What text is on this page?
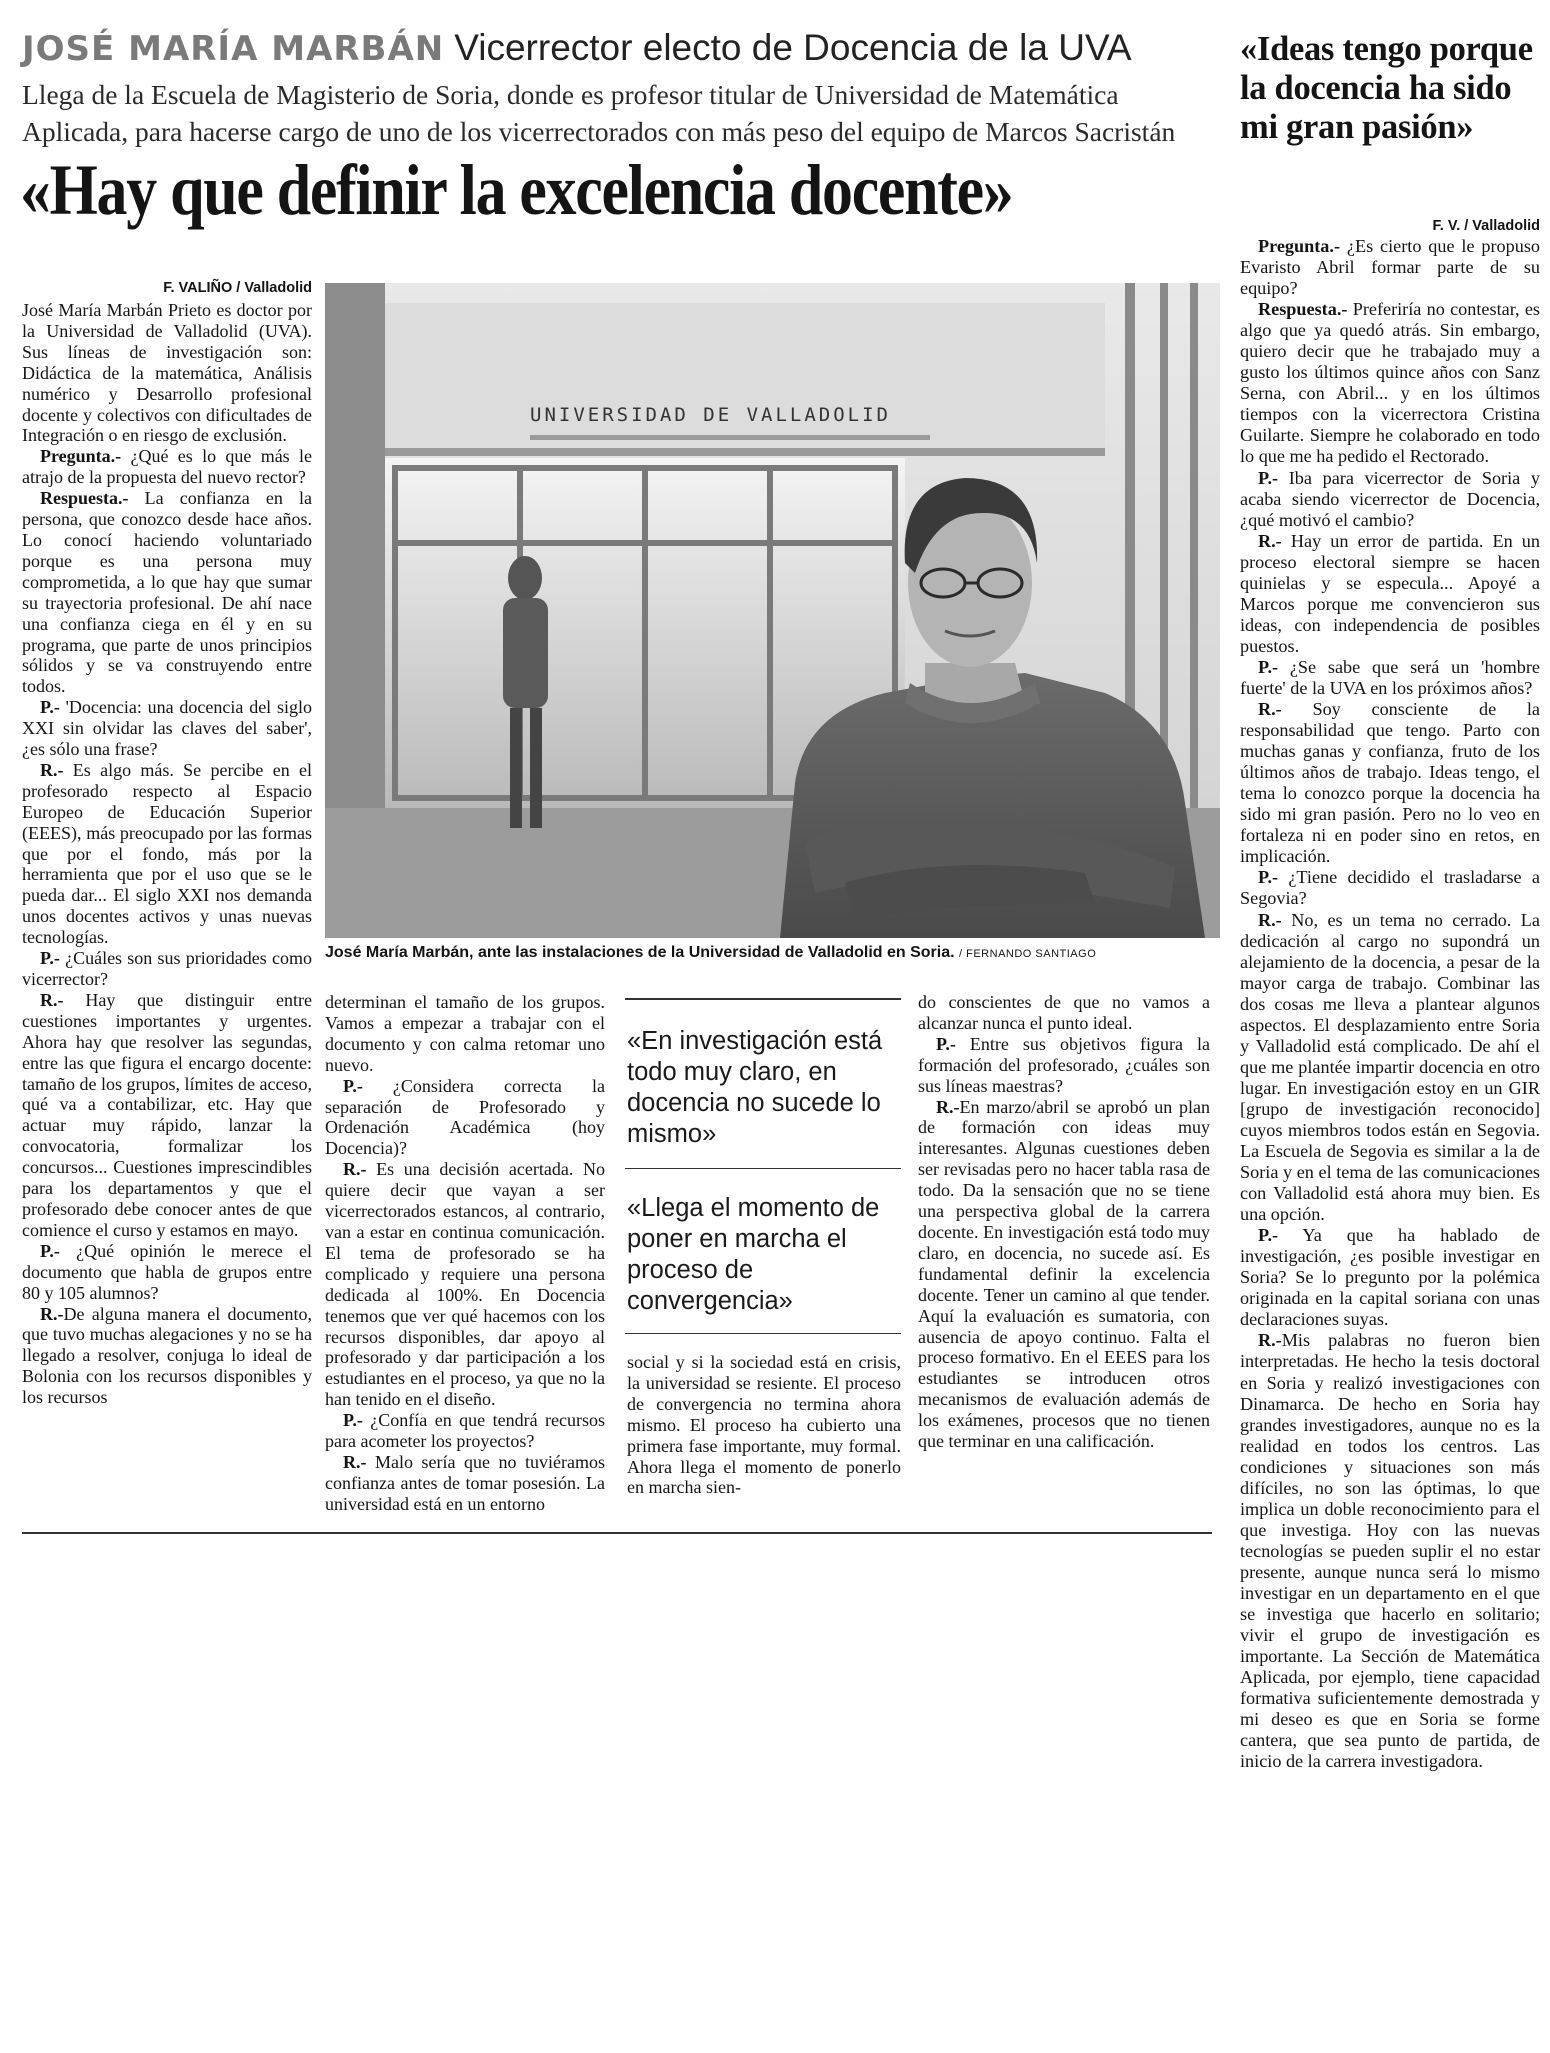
JOSÉ MARÍA MARBÁN Vicerrector electo de Docencia de la UVA
Llega de la Escuela de Magisterio de Soria, donde es profesor titular de Universidad de Matemática Aplicada, para hacerse cargo de uno de los vicerrectorados con más peso del equipo de Marcos Sacristán
«Hay que definir la excelencia docente»
F. VALIÑO / Valladolid

José María Marbán Prieto es doctor por la Universidad de Valladolid (UVA). Sus líneas de investigación son: Didáctica de la matemática, Análisis numérico y Desarrollo profesional docente y colectivos con dificultades de Integración o en riesgo de exclusión.

Pregunta.- ¿Qué es lo que más le atrajo de la propuesta del nuevo rector?

Respuesta.- La confianza en la persona, que conozco desde hace años. Lo conocí haciendo voluntariado porque es una persona muy comprometida, a lo que hay que sumar su trayectoria profesional. De ahí nace una confianza ciega en él y en su programa, que parte de unos principios sólidos y se va construyendo entre todos.

P.- 'Docencia: una docencia del siglo XXI sin olvidar las claves del saber', ¿es sólo una frase?

R.- Es algo más. Se percibe en el profesorado respecto al Espacio Europeo de Educación Superior (EEES), más preocupado por las formas que por el fondo, más por la herramienta que por el uso que se le pueda dar... El siglo XXI nos demanda unos docentes activos y unas nuevas tecnologías.

P.- ¿Cuáles son sus prioridades como vicerrector?

R.- Hay que distinguir entre cuestiones importantes y urgentes. Ahora hay que resolver las segundas, entre las que figura el encargo docente: tamaño de los grupos, límites de acceso, qué va a contabilizar, etc. Hay que actuar muy rápido, lanzar la convocatoria, formalizar los concursos... Cuestiones imprescindibles para los departamentos y que el profesorado debe conocer antes de que comience el curso y estamos en mayo.

P.- ¿Qué opinión le merece el documento que habla de grupos entre 80 y 105 alumnos?

R.-De alguna manera el documento, que tuvo muchas alegaciones y no se ha llegado a resolver, conjuga lo ideal de Bolonia con los recursos disponibles y los recursos

UNIVERSIDAD DE VALLADOLID
José María Marbán, ante las instalaciones de la Universidad de Valladolid en Soria. / FERNANDO SANTIAGO

determinan el tamaño de los grupos. Vamos a empezar a trabajar con el documento y con calma retomar uno nuevo.

P.- ¿Considera correcta la separación de Profesorado y Ordenación Académica (hoy Docencia)?

R.- Es una decisión acertada. No quiere decir que vayan a ser vicerrectorados estancos, al contrario, van a estar en continua comunicación. El tema de profesorado se ha complicado y requiere una persona dedicada al 100%. En Docencia tenemos que ver qué hacemos con los recursos disponibles, dar apoyo al profesorado y dar participación a los estudiantes en el proceso, ya que no la han tenido en el diseño.

P.- ¿Confía en que tendrá recursos para acometer los proyectos?

R.- Malo sería que no tuviéramos confianza antes de tomar posesión. La universidad está en un entorno

«En investigación está todo muy claro, en docencia no sucede lo mismo»
«Llega el momento de poner en marcha el proceso de convergencia»

social y si la sociedad está en crisis, la universidad se resiente. El proceso de convergencia no termina ahora mismo. El proceso ha cubierto una primera fase importante, muy formal. Ahora llega el momento de ponerlo en marcha sien-

do conscientes de que no vamos a alcanzar nunca el punto ideal.

P.- Entre sus objetivos figura la formación del profesorado, ¿cuáles son sus líneas maestras?

R.-En marzo/abril se aprobó un plan de formación con ideas muy interesantes. Algunas cuestiones deben ser revisadas pero no hacer tabla rasa de todo. Da la sensación que no se tiene una perspectiva global de la carrera docente. En investigación está todo muy claro, en docencia, no sucede así. Es fundamental definir la excelencia docente. Tener un camino al que tender. Aquí la evaluación es sumatoria, con ausencia de apoyo continuo. Falta el proceso formativo. En el EEES para los estudiantes se introducen otros mecanismos de evaluación además de los exámenes, procesos que no tienen que terminar en una calificación.

«Ideas tengo porque la docencia ha sido mi gran pasión»
F. V. / Valladolid

Pregunta.- ¿Es cierto que le propuso Evaristo Abril formar parte de su equipo?

Respuesta.- Preferiría no contestar, es algo que ya quedó atrás. Sin embargo, quiero decir que he trabajado muy a gusto los últimos quince años con Sanz Serna, con Abril... y en los últimos tiempos con la vicerrectora Cristina Guilarte. Siempre he colaborado en todo lo que me ha pedido el Rectorado.

P.- Iba para vicerrector de Soria y acaba siendo vicerrector de Docencia, ¿qué motivó el cambio?

R.- Hay un error de partida. En un proceso electoral siempre se hacen quinielas y se especula... Apoyé a Marcos porque me convencieron sus ideas, con independencia de posibles puestos.

P.- ¿Se sabe que será un 'hombre fuerte' de la UVA en los próximos años?

R.- Soy consciente de la responsabilidad que tengo. Parto con muchas ganas y confianza, fruto de los últimos años de trabajo. Ideas tengo, el tema lo conozco porque la docencia ha sido mi gran pasión. Pero no lo veo en fortaleza ni en poder sino en retos, en implicación.

P.- ¿Tiene decidido el trasladarse a Segovia?

R.- No, es un tema no cerrado. La dedicación al cargo no supondrá un alejamiento de la docencia, a pesar de la mayor carga de trabajo. Combinar las dos cosas me lleva a plantear algunos aspectos. El desplazamiento entre Soria y Valladolid está complicado. De ahí el que me plantée impartir docencia en otro lugar. En investigación estoy en un GIR [grupo de investigación reconocido] cuyos miembros todos están en Segovia. La Escuela de Segovia es similar a la de Soria y en el tema de las comunicaciones con Valladolid está ahora muy bien. Es una opción.

P.- Ya que ha hablado de investigación, ¿es posible investigar en Soria? Se lo pregunto por la polémica originada en la capital soriana con unas declaraciones suyas.

R.-Mis palabras no fueron bien interpretadas. He hecho la tesis doctoral en Soria y realizó investigaciones con Dinamarca. De hecho en Soria hay grandes investigadores, aunque no es la realidad en todos los centros. Las condiciones y situaciones son más difíciles, no son las óptimas, lo que implica un doble reconocimiento para el que investiga. Hoy con las nuevas tecnologías se pueden suplir el no estar presente, aunque nunca será lo mismo investigar en un departamento en el que se investiga que hacerlo en solitario; vivir el grupo de investigación es importante. La Sección de Matemática Aplicada, por ejemplo, tiene capacidad formativa suficientemente demostrada y mi deseo es que en Soria se forme cantera, que sea punto de partida, de inicio de la carrera investigadora.
